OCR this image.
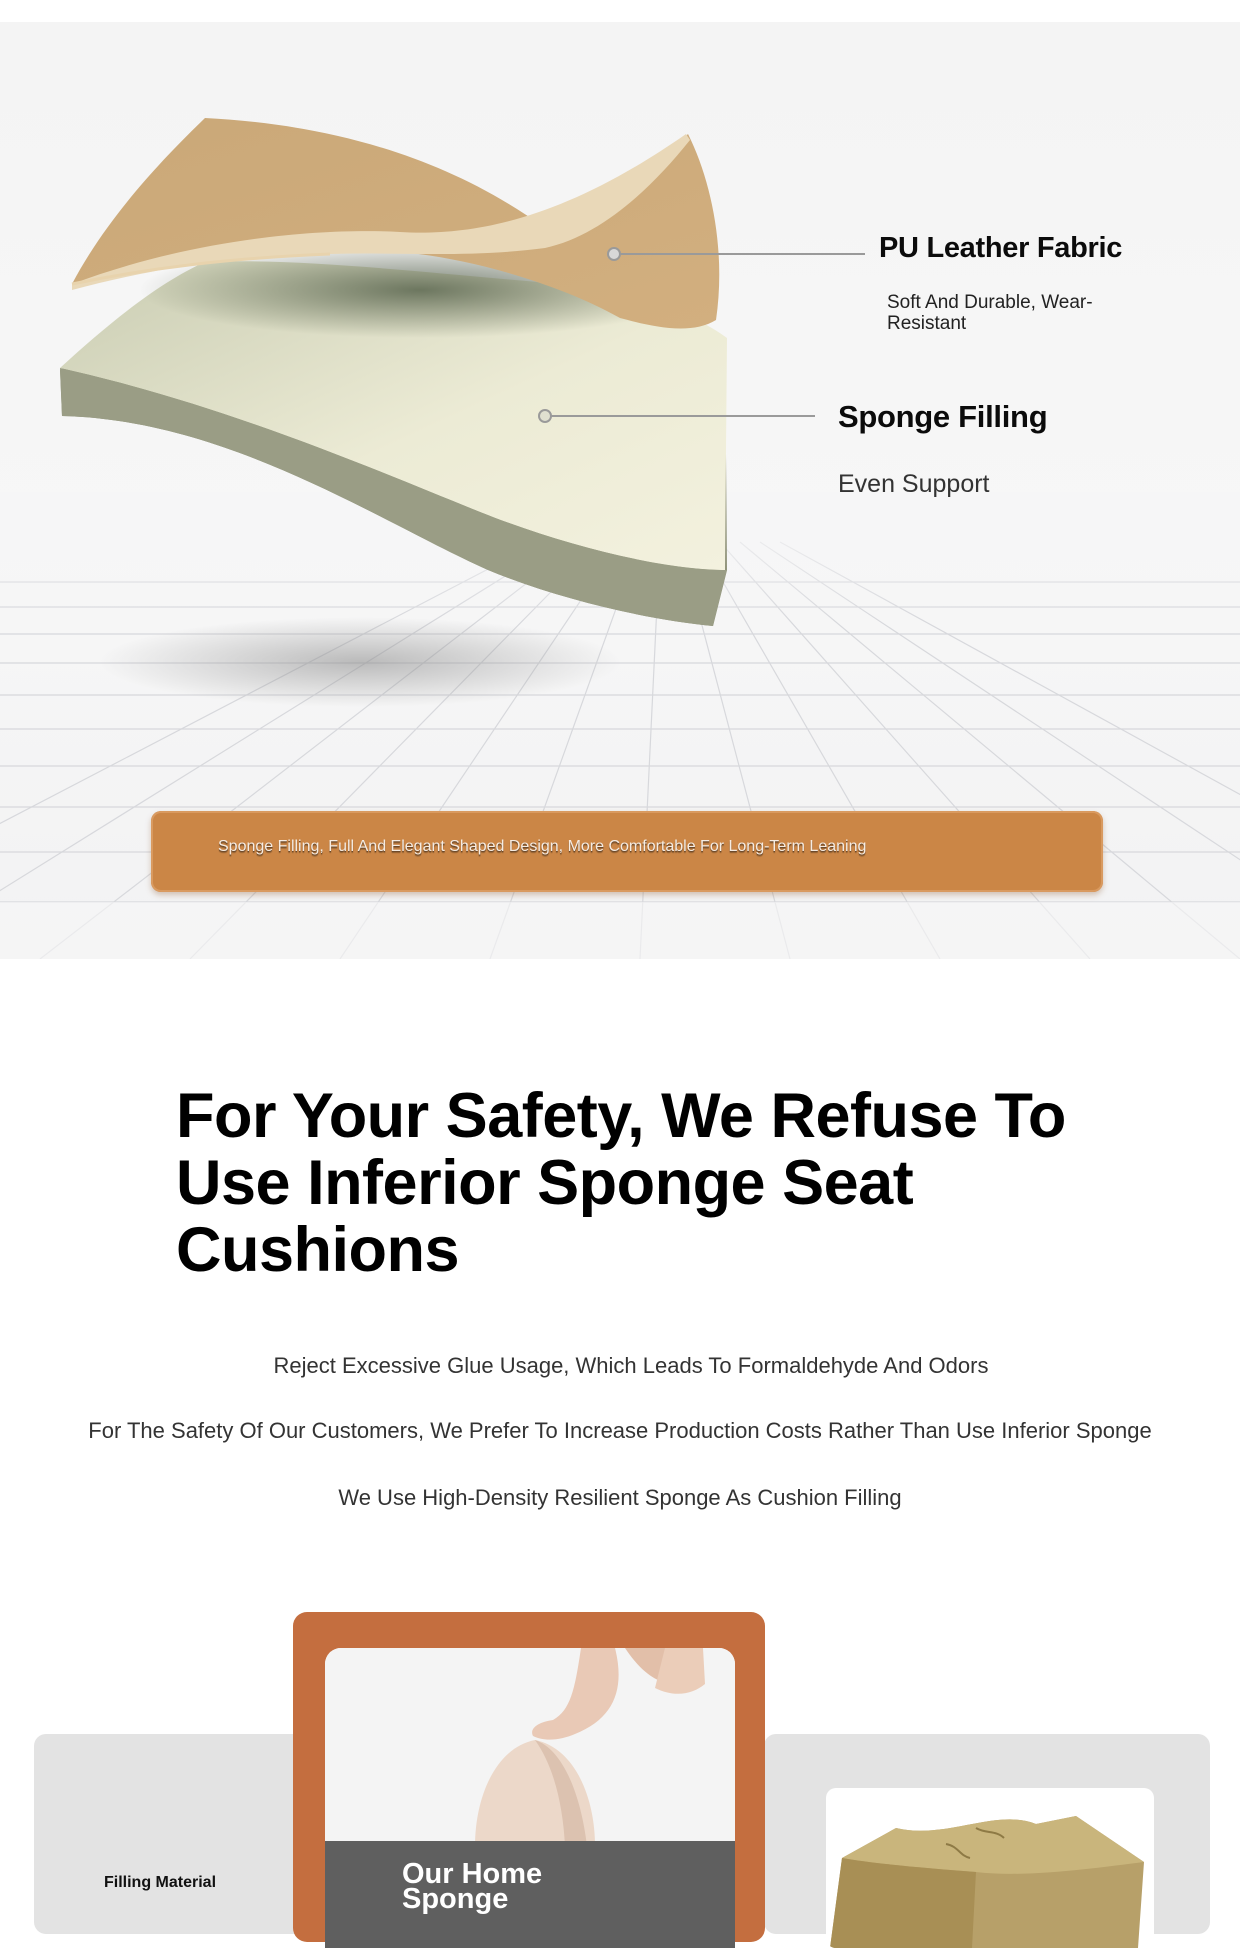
PU Leather Fabric
Soft And Durable, Wear-Resistant
Sponge Filling
Even Support
Sponge Filling, Full And Elegant Shaped Design, More Comfortable For Long-Term Leaning
For Your Safety, We Refuse To Use Inferior Sponge Seat Cushions
Reject Excessive Glue Usage, Which Leads To Formaldehyde And Odors
For The Safety Of Our Customers, We Prefer To Increase Production Costs Rather Than Use Inferior Sponge
We Use High-Density Resilient Sponge As Cushion Filling
Filling Material	Our Home Sponge
